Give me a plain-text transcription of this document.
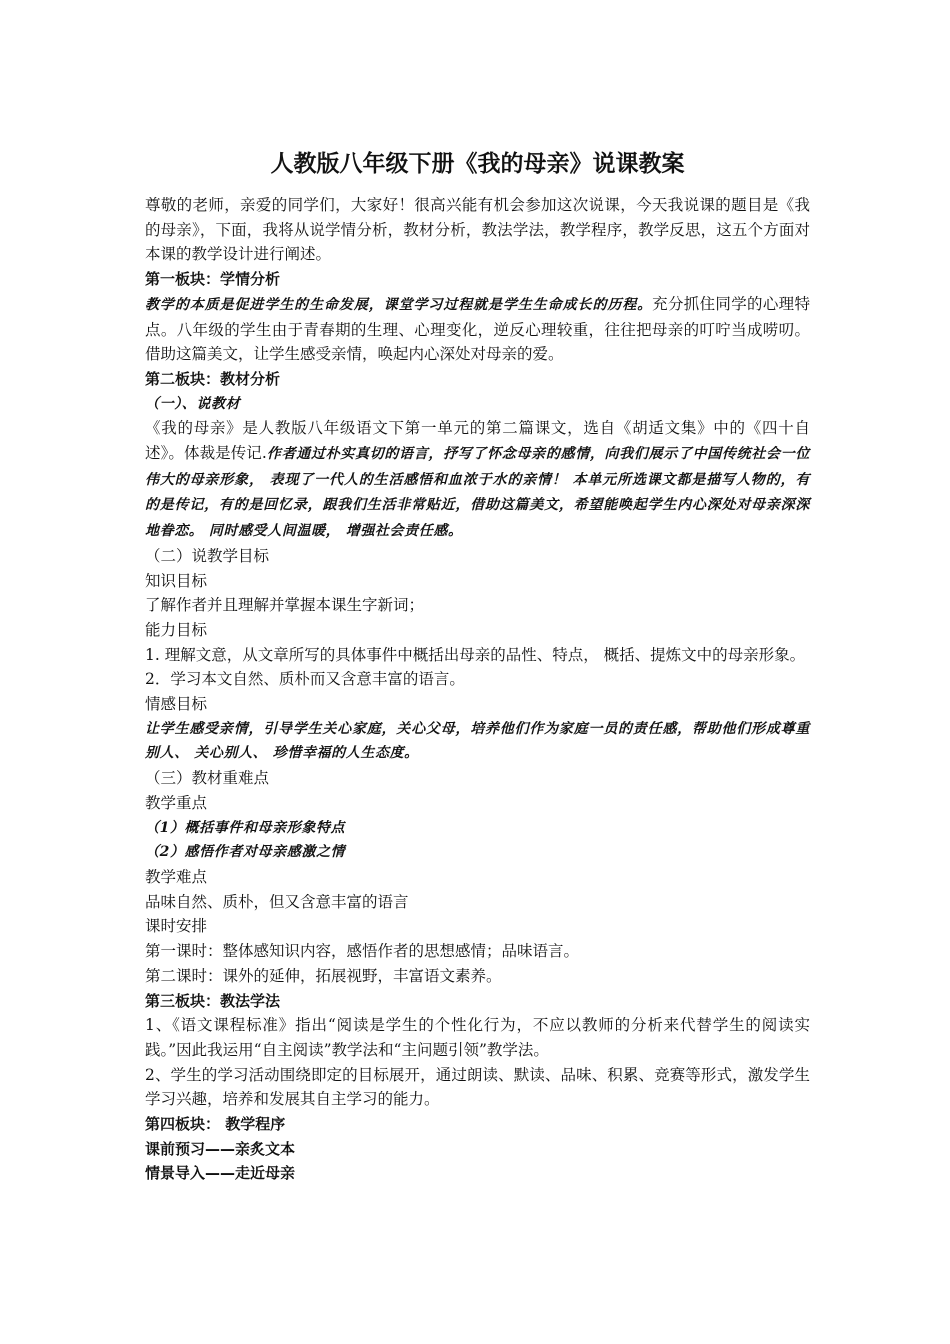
人教版八年级下册《我的母亲》说课教案

尊敬的老师，亲爱的同学们，大家好！很高兴能有机会参加这次说课，今天我说课的题目是《我的母亲》，下面，我将从说学情分析，教材分析，教法学法，教学程序，教学反思，这五个方面对本课的教学设计进行阐述。

第一板块：学情分析

教学的本质是促进学生的生命发展，课堂学习过程就是学生生命成长的历程。充分抓住同学的心理特点。八年级的学生由于青春期的生理、心理变化，逆反心理较重，往往把母亲的叮咛当成唠叨。借助这篇美文，让学生感受亲情，唤起内心深处对母亲的爱。

第二板块：教材分析

（一）、说教材

《我的母亲》是人教版八年级语文下第一单元的第二篇课文，选自《胡适文集》中的《四十自述》。体裁是传记.作者通过朴实真切的语言，抒写了怀念母亲的感情，向我们展示了中国传统社会一位伟大的母亲形象， 表现了一代人的生活感悟和血浓于水的亲情！ 本单元所选课文都是描写人物的，有的是传记，有的是回忆录，跟我们生活非常贴近，借助这篇美文，希望能唤起学生内心深处对母亲深深地眷恋。 同时感受人间温暖， 增强社会责任感。

（二）说教学目标

知识目标

了解作者并且理解并掌握本课生字新词；

能力目标

1. 理解文意，从文章所写的具体事件中概括出母亲的品性、特点， 概括、提炼文中的母亲形象。

2．学习本文自然、质朴而又含意丰富的语言。

情感目标

让学生感受亲情，引导学生关心家庭，关心父母，培养他们作为家庭一员的责任感，帮助他们形成尊重别人、 关心别人、 珍惜幸福的人生态度。

（三）教材重难点

教学重点

（1）概括事件和母亲形象特点

（2）感悟作者对母亲感激之情

教学难点

品味自然、质朴，但又含意丰富的语言

课时安排

第一课时：整体感知识内容，感悟作者的思想感情；品味语言。

第二课时：课外的延伸，拓展视野，丰富语文素养。

第三板块：教法学法

1、《语文课程标准》指出“阅读是学生的个性化行为，不应以教师的分析来代替学生的阅读实践。”因此我运用“自主阅读”教学法和“主问题引领”教学法。

2、学生的学习活动围绕即定的目标展开，通过朗读、默读、品味、积累、竞赛等形式，激发学生学习兴趣，培养和发展其自主学习的能力。

第四板块： 教学程序

课前预习——亲炙文本

情景导入——走近母亲
